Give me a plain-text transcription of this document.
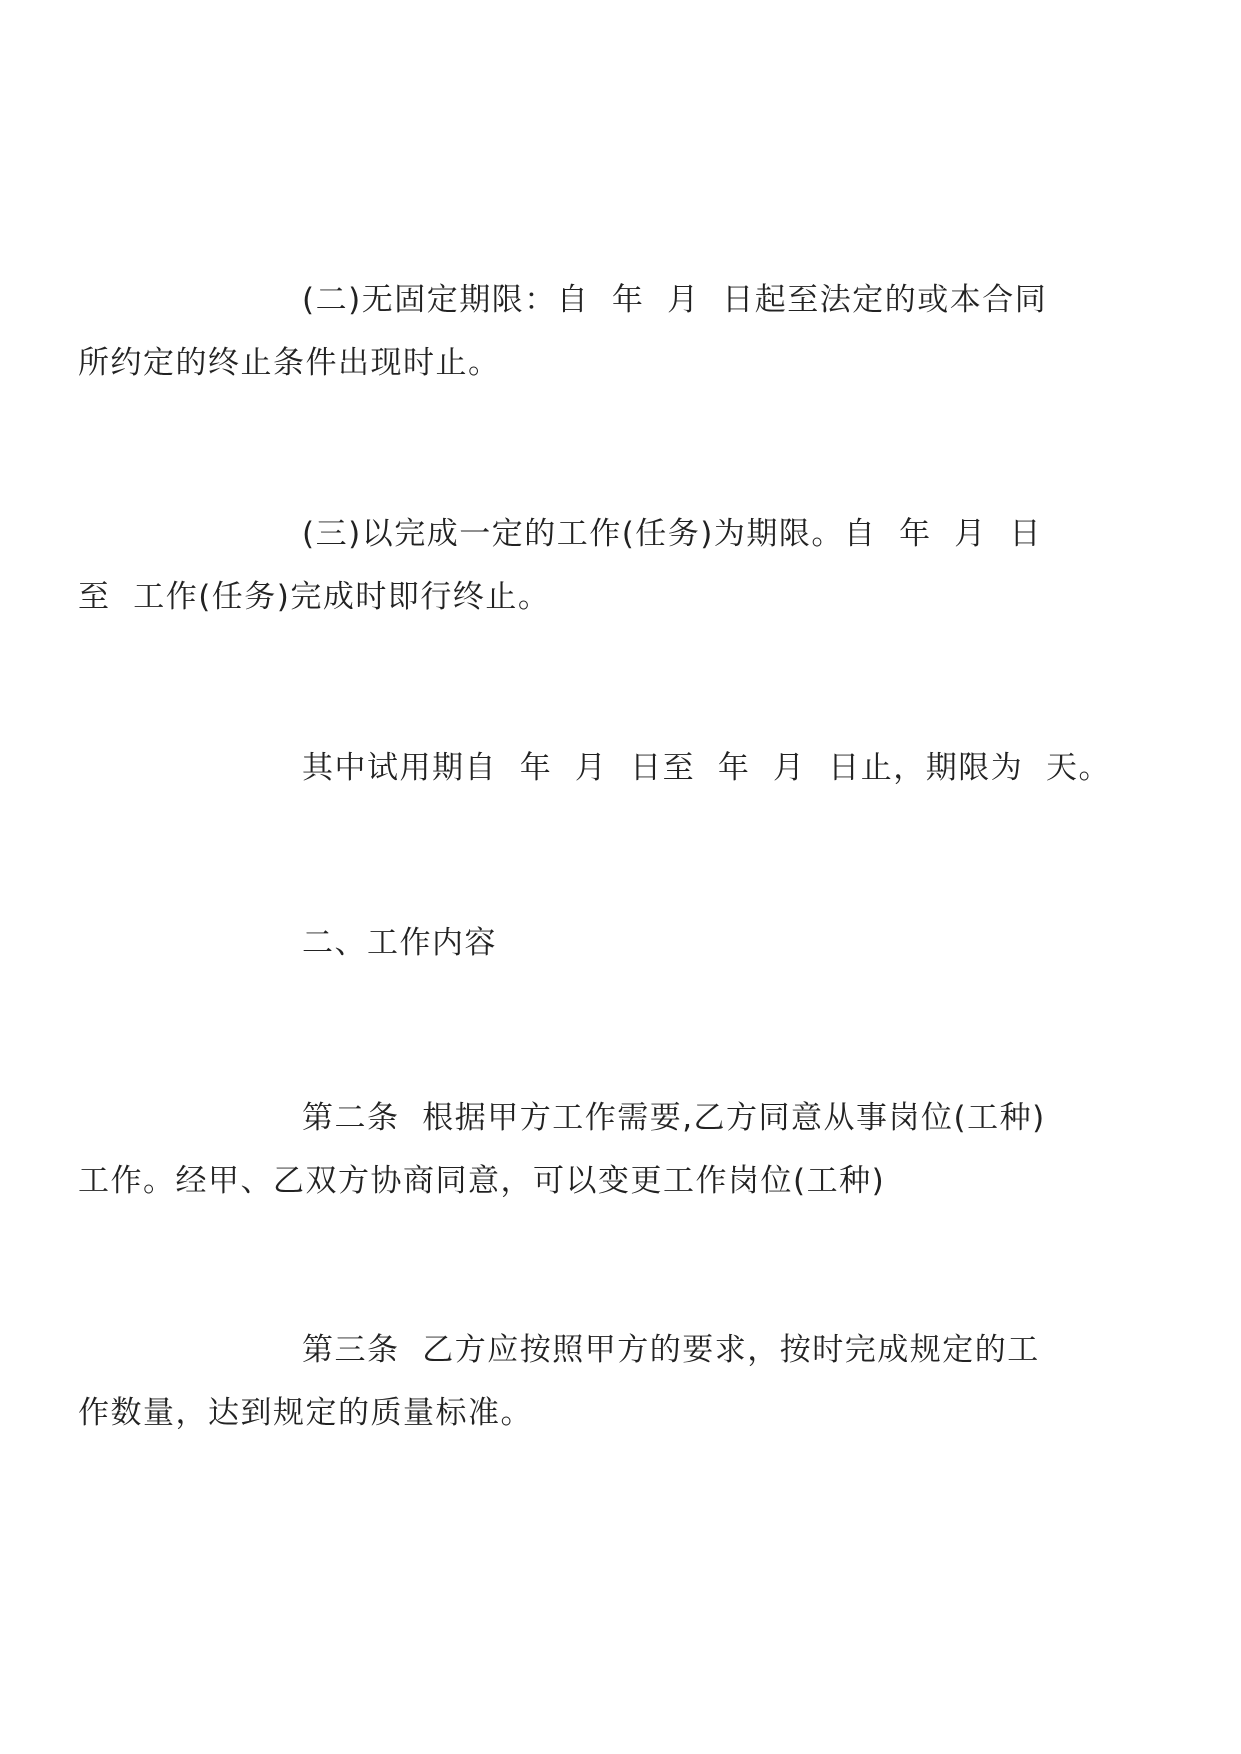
(二)无固定期限：自  年  月  日起至法定的或本合同
所约定的终止条件出现时止。

(三)以完成一定的工作(任务)为期限。自  年  月  日
至  工作(任务)完成时即行终止。

其中试用期自  年  月  日至  年  月  日止，期限为  天。

二、工作内容

第二条  根据甲方工作需要,乙方同意从事岗位(工种)
工作。经甲、乙双方协商同意，可以变更工作岗位(工种)

第三条  乙方应按照甲方的要求，按时完成规定的工
作数量，达到规定的质量标准。
